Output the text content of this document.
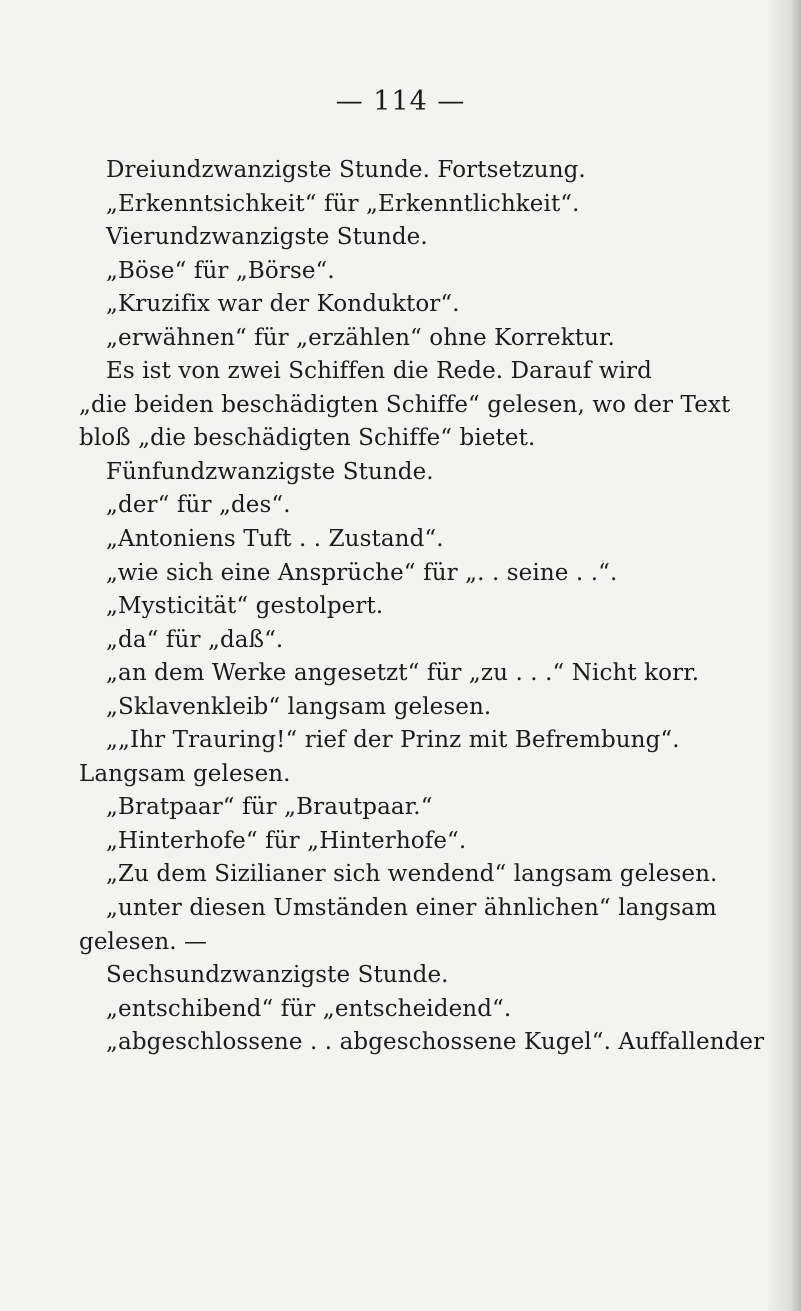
— 114 —
Dreiundzwanzigste Stunde. Fortsetzung.
„Erkenntsichkeit“ für „Erkenntlichkeit“.
Vierundzwanzigste Stunde.
„Böse“ für „Börse“.
„Kruzifix war der Konduktor“.
„erwähnen“ für „erzählen“ ohne Korrektur.
Es ist von zwei Schiffen die Rede. Darauf wird
„die beiden beschädigten Schiffe“ gelesen, wo der Text
bloß „die beschädigten Schiffe“ bietet.
Fünfundzwanzigste Stunde.
„der“ für „des“.
„Antoniens Tuft . . Zustand“.
„wie sich eine Ansprüche“ für „. . seine . .“.
„Mysticität“ gestolpert.
„da“ für „daß“.
„an dem Werke angesetzt“ für „zu . . .“ Nicht korr.
„Sklavenkleib“ langsam gelesen.
„„Ihr Trauring!“ rief der Prinz mit Befrembung“.
Langsam gelesen.
„Bratpaar“ für „Brautpaar.“
„Hinterhofe“ für „Hinterhofe“.
„Zu dem Sizilianer sich wendend“ langsam gelesen.
„unter diesen Umständen einer ähnlichen“ langsam
gelesen. —
Sechsundzwanzigste Stunde.
„entschibend“ für „entscheidend“.
„abgeschlossene . . abgeschossene Kugel“. Auffallender
